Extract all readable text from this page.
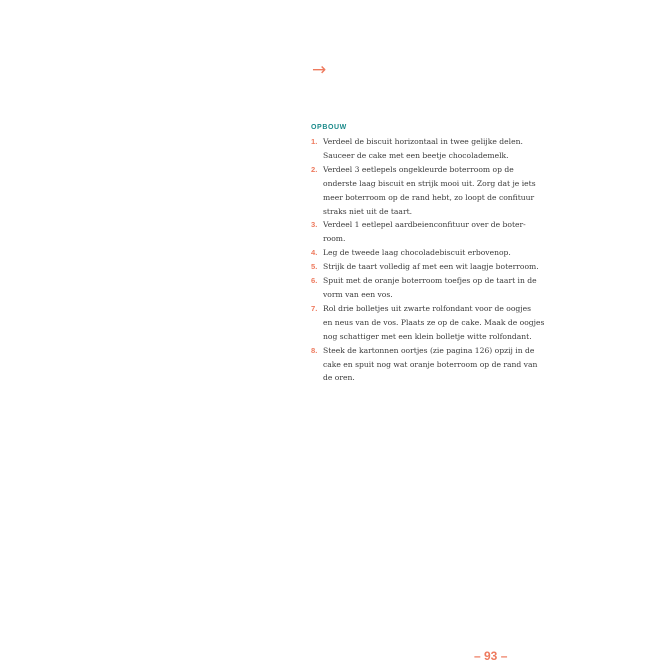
→
OPBOUW
1. Verdeel de biscuit horizontaal in twee gelijke delen.
Sauceer de cake met een beetje chocolademelk.
2. Verdeel 3 eetlepels ongekleurde boterroom op de
onderste laag biscuit en strijk mooi uit. Zorg dat je iets
meer boterroom op de rand hebt, zo loopt de confituur
straks niet uit de taart.
3. Verdeel 1 eetlepel aardbeienconfituur over de boter-
room.
4. Leg de tweede laag chocoladebiscuit erbovenop.
5. Strijk de taart volledig af met een wit laagje boterroom.
6. Spuit met de oranje boterroom toefjes op de taart in de
vorm van een vos.
7. Rol drie bolletjes uit zwarte rolfondant voor de oogjes
en neus van de vos. Plaats ze op de cake. Maak de oogjes
nog schattiger met een klein bolletje witte rolfondant.
8. Steek de kartonnen oortjes (zie pagina 126) opzij in de
cake en spuit nog wat oranje boterroom op de rand van
de oren.
– 93 –
